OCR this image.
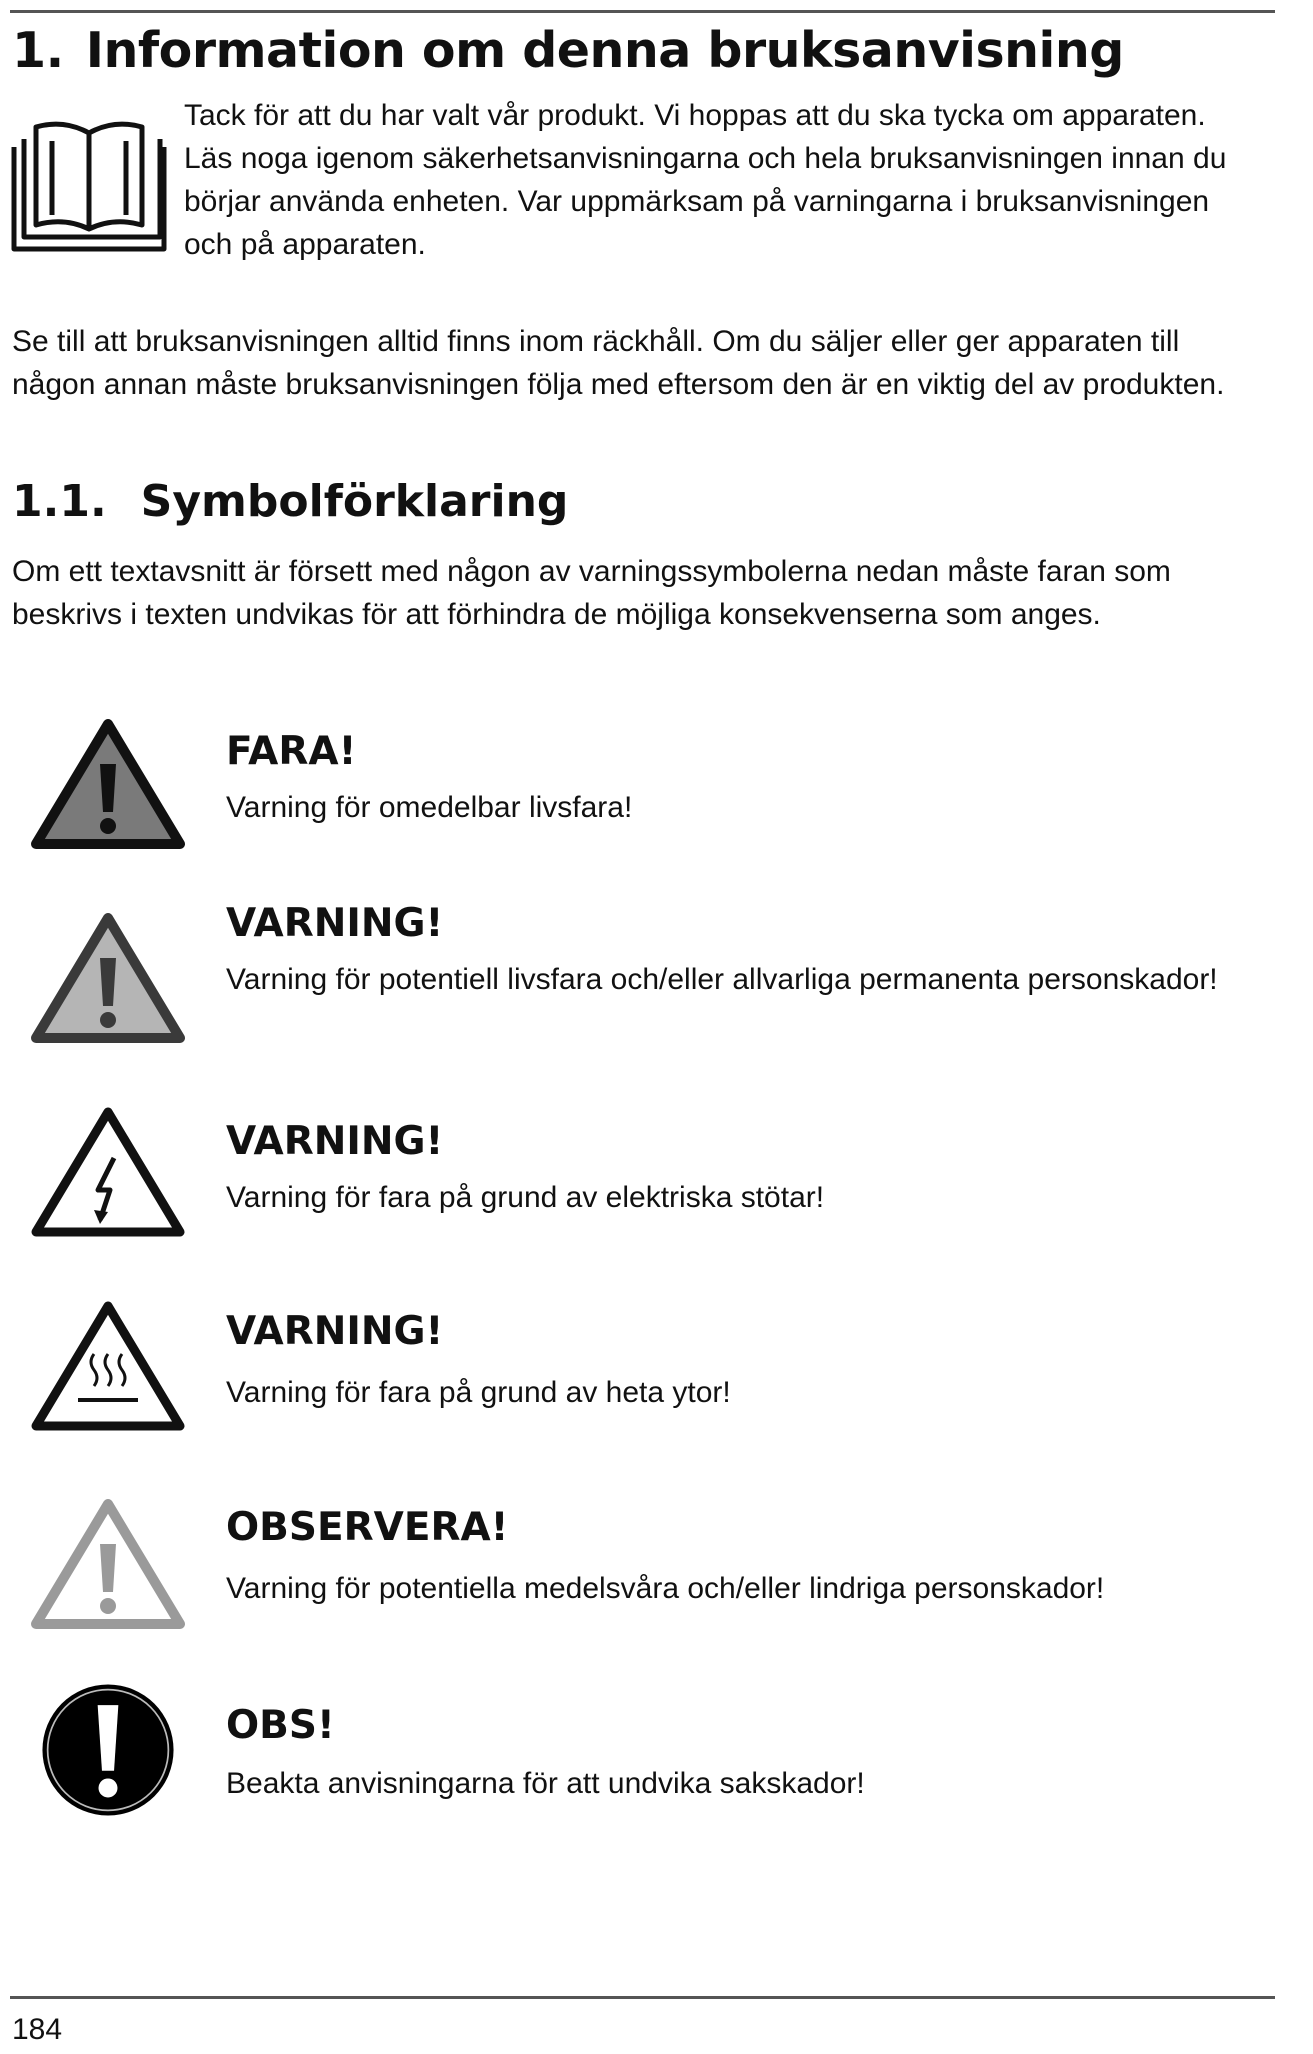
1. Information om denna bruksanvisning

Tack för att du har valt vår produkt. Vi hoppas att du ska tycka om apparaten. Läs noga igenom säkerhetsanvisningarna och hela bruksanvisningen innan du börjar använda enheten. Var uppmärksam på varningarna i bruksanvisningen och på apparaten.

Se till att bruksanvisningen alltid finns inom räckhåll. Om du säljer eller ger apparaten till någon annan måste bruksanvisningen följa med eftersom den är en viktig del av produkten.

1.1. Symbolförklaring

Om ett textavsnitt är försett med någon av varningssymbolerna nedan måste faran som beskrivs i texten undvikas för att förhindra de möjliga konsekvenserna som anges.

FARA!

Varning för omedelbar livsfara!

VARNING!

Varning för potentiell livsfara och/eller allvarliga permanenta personskador!

VARNING!

Varning för fara på grund av elektriska stötar!

VARNING!

Varning för fara på grund av heta ytor!

OBSERVERA!

Varning för potentiella medelsvåra och/eller lindriga personskador!

OBS!

Beakta anvisningarna för att undvika sakskador!

184
